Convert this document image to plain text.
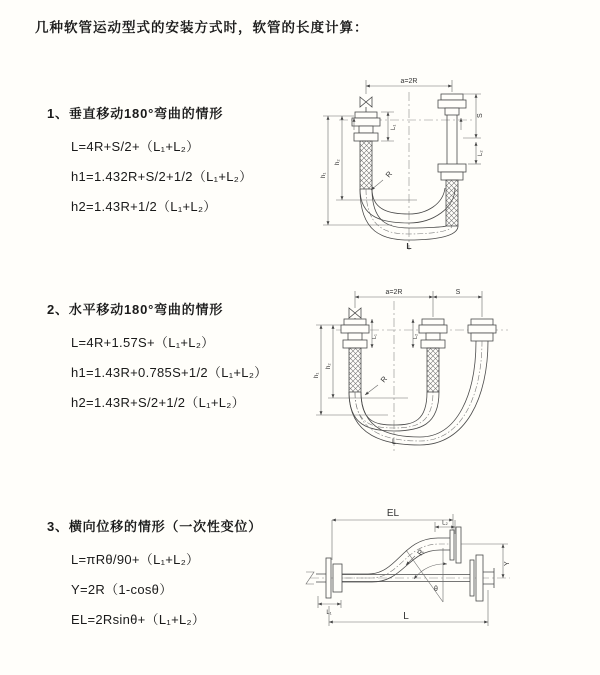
几种软管运动型式的安装方式时，软管的长度计算：
1、垂直移动180°弯曲的情形

L=4R+S/2+（L₁+L₂）

h1=1.432R+S/2+1/2（L₁+L₂）

h2=1.43R+1/2（L₁+L₂）

a=2R
L₁
S
L₂
h₁
h₂
R
L
2、水平移动180°弯曲的情形

L=4R+1.57S+（L₁+L₂）

h1=1.43R+0.785S+1/2（L₁+L₂）

h2=1.43R+S/2+1/2（L₁+L₂）

a=2R	S
L₁	L₂
h₁
h₂
R
L
3、横向位移的情形（一次性变位）

L=πRθ/90+（L₁+L₂）

Y=2R（1-cosθ）

EL=2Rsinθ+（L₁+L₂）

EL
L₂
L₁
Y
θ
R
L
